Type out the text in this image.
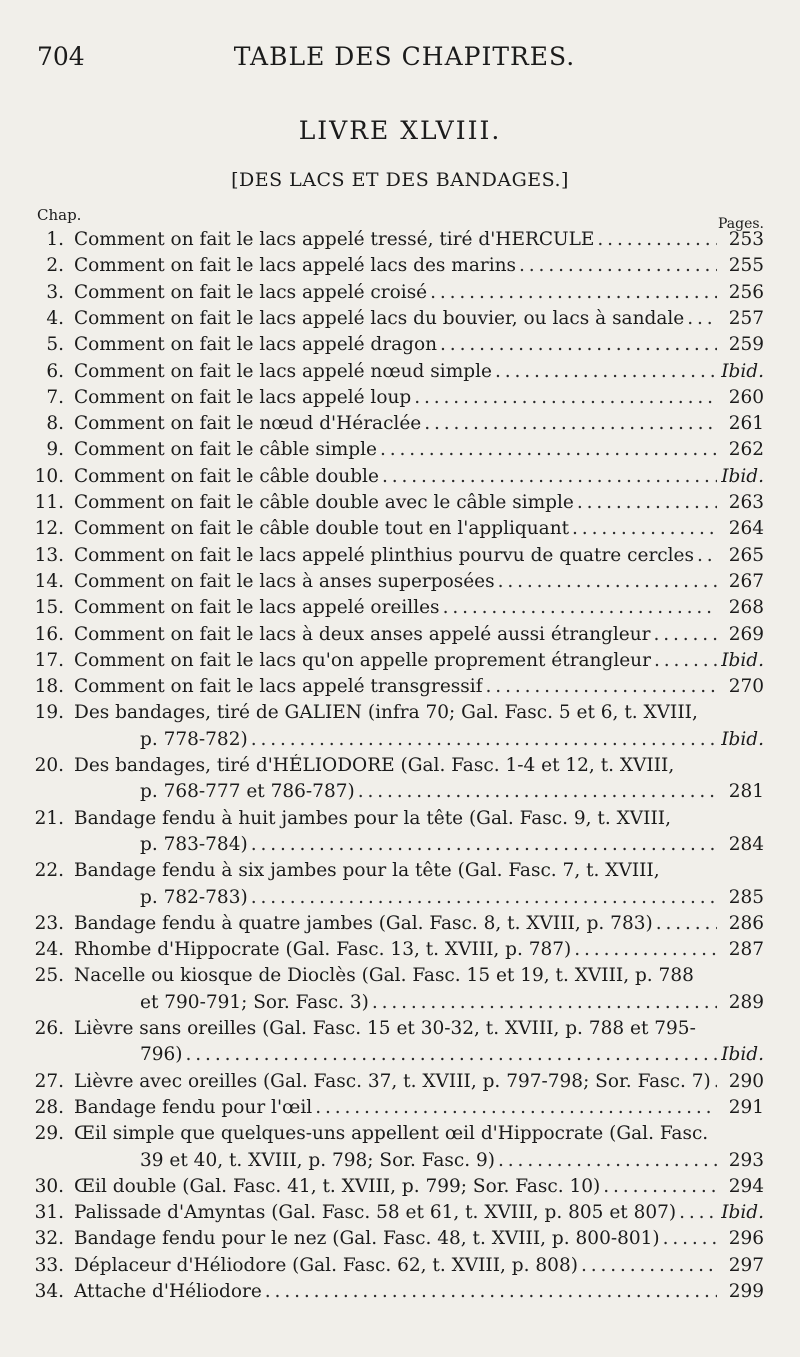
704	TABLE DES CHAPITRES.
LIVRE XLVIII.
[DES LACS ET DES BANDAGES.]
Chap.	Pages.
1. Comment on fait le lacs appelé tressé, tiré d'HERCULE . . .	253
2. Comment on fait le lacs appelé lacs des marins . . .	255
3. Comment on fait le lacs appelé croisé . . .	256
4. Comment on fait le lacs appelé lacs du bouvier, ou lacs à sandale . . .	257
5. Comment on fait le lacs appelé dragon . . .	259
6. Comment on fait le lacs appelé nœud simple . . .	Ibid.
7. Comment on fait le lacs appelé loup . . .	260
8. Comment on fait le nœud d'Héraclée . . .	261
9. Comment on fait le câble simple . . .	262
10. Comment on fait le câble double . . .	Ibid.
11. Comment on fait le câble double avec le câble simple . . .	263
12. Comment on fait le câble double tout en l'appliquant . . .	264
13. Comment on fait le lacs appelé plinthius pourvu de quatre cercles . . .	265
14. Comment on fait le lacs à anses superposées . . .	267
15. Comment on fait le lacs appelé oreilles . . .	268
16. Comment on fait le lacs à deux anses appelé aussi étrangleur . . .	269
17. Comment on fait le lacs qu'on appelle proprement étrangleur . . .	Ibid.
18. Comment on fait le lacs appelé transgressif . . .	270
19. Des bandages, tiré de GALIEN (infra 70; Gal. Fasc. 5 et 6, t. XVIII,
p. 778-782) . . .	Ibid.
20. Des bandages, tiré d'HÉLIODORE (Gal. Fasc. 1-4 et 12, t. XVIII,
p. 768-777 et 786-787) . . .	281
21. Bandage fendu à huit jambes pour la tête (Gal. Fasc. 9, t. XVIII,
p. 783-784) . . .	284
22. Bandage fendu à six jambes pour la tête (Gal. Fasc. 7, t. XVIII,
p. 782-783) . . .	285
23. Bandage fendu à quatre jambes (Gal. Fasc. 8, t. XVIII, p. 783) . . .	286
24. Rhombe d'Hippocrate (Gal. Fasc. 13, t. XVIII, p. 787) . . .	287
25. Nacelle ou kiosque de Dioclès (Gal. Fasc. 15 et 19, t. XVIII, p. 788
et 790-791; Sor. Fasc. 3) . . .	289
26. Lièvre sans oreilles (Gal. Fasc. 15 et 30-32, t. XVIII, p. 788 et 795-
796) . . .	Ibid.
27. Lièvre avec oreilles (Gal. Fasc. 37, t. XVIII, p. 797-798; Sor. Fasc. 7) . . . 290
28. Bandage fendu pour l'œil . . .	291
29. Œil simple que quelques-uns appellent œil d'Hippocrate (Gal. Fasc.
39 et 40, t. XVIII, p. 798; Sor. Fasc. 9) . . .	293
30. Œil double (Gal. Fasc. 41, t. XVIII, p. 799; Sor. Fasc. 10) . . .	294
31. Palissade d'Amyntas (Gal. Fasc. 58 et 61, t. XVIII, p. 805 et 807) . . . Ibid.
32. Bandage fendu pour le nez (Gal. Fasc. 48, t. XVIII, p. 800-801) . . .	296
33. Déplaceur d'Héliodore (Gal. Fasc. 62, t. XVIII, p. 808) . . .	297
34. Attache d'Héliodore . . .	299
